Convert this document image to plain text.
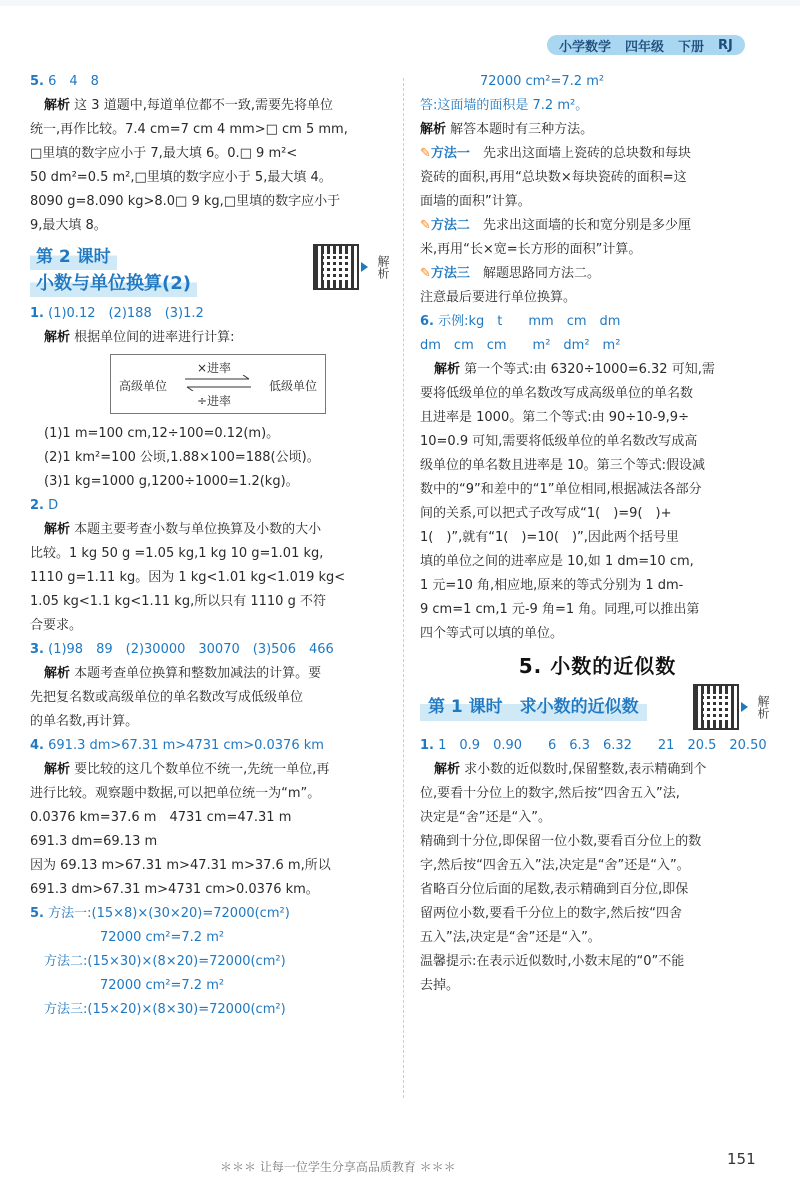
小学数学 四年级 下册 RJ

5. 6　4　8

解析 这 3 道题中,每道单位都不一致,需要先将单位

统一,再作比较。7.4 cm=7 cm 4 mm>□ cm 5 mm,

□里填的数字应小于 7,最大填 6。0.□ 9 m²<

50 dm²=0.5 m²,□里填的数字应小于 5,最大填 4。

8090 g=8.090 kg>8.0□ 9 kg,□里填的数字应小于

9,最大填 8。

第 2 课时
小数与单位换算(2)
解析

1. (1)0.12　(2)188　(3)1.2

解析 根据单位间的进率进行计算:

高级单位	低级单位
×进率
÷进率

(1)1 m=100 cm,12÷100=0.12(m)。

(2)1 km²=100 公顷,1.88×100=188(公顷)。

(3)1 kg=1000 g,1200÷1000=1.2(kg)。

2. D

解析 本题主要考查小数与单位换算及小数的大小

比较。1 kg 50 g =1.05 kg,1 kg 10 g=1.01 kg,

1110 g=1.11 kg。因为 1 kg<1.01 kg<1.019 kg<

1.05 kg<1.1 kg<1.11 kg,所以只有 1110 g 不符

合要求。

3. (1)98　89　(2)30000　30070　(3)506　466

解析 本题考查单位换算和整数加减法的计算。要

先把复名数或高级单位的单名数改写成低级单位

的单名数,再计算。

4. 691.3 dm>67.31 m>4731 cm>0.0376 km

解析 要比较的这几个数单位不统一,先统一单位,再

进行比较。观察题中数据,可以把单位统一为“m”。

0.0376 km=37.6 m　4731 cm=47.31 m

691.3 dm=69.13 m

因为 69.13 m>67.31 m>47.31 m>37.6 m,所以

691.3 dm>67.31 m>4731 cm>0.0376 km。

5. 方法一:(15×8)×(30×20)=72000(cm²)

72000 cm²=7.2 m²

方法二:(15×30)×(8×20)=72000(cm²)

72000 cm²=7.2 m²

方法三:(15×20)×(8×30)=72000(cm²)

72000 cm²=7.2 m²

答:这面墙的面积是 7.2 m²。

解析 解答本题时有三种方法。

✎方法一　 先求出这面墙上瓷砖的总块数和每块

瓷砖的面积,再用“总块数×每块瓷砖的面积=这

面墙的面积”计算。

✎方法二　 先求出这面墙的长和宽分别是多少厘

米,再用“长×宽=长方形的面积”计算。

✎方法三　 解题思路同方法二。

注意最后要进行单位换算。

6. 示例:kg　t　　mm　cm　dm

dm　cm　cm　　m²　dm²　m²

解析 第一个等式:由 6320÷1000=6.32 可知,需

要将低级单位的单名数改写成高级单位的单名数

且进率是 1000。第二个等式:由 90÷10-9,9÷

10=0.9 可知,需要将低级单位的单名数改写成高

级单位的单名数且进率是 10。第三个等式:假设减

数中的“9”和差中的“1”单位相同,根据减法各部分

间的关系,可以把式子改写成“1(　)=9(　)+

1(　)”,就有“1(　)=10(　)”,因此两个括号里

填的单位之间的进率应是 10,如 1 dm=10 cm,

1 元=10 角,相应地,原来的等式分别为 1 dm-

9 cm=1 cm,1 元-9 角=1 角。同理,可以推出第

四个等式可以填的单位。

5. 小数的近似数
第 1 课时　求小数的近似数	解析

1. 1　0.9　0.90　　6　6.3　6.32　　21　20.5　20.50

解析 求小数的近似数时,保留整数,表示精确到个

位,要看十分位上的数字,然后按“四舍五入”法,

决定是“舍”还是“入”。

精确到十分位,即保留一位小数,要看百分位上的数

字,然后按“四舍五入”法,决定是“舍”还是“入”。

省略百分位后面的尾数,表示精确到百分位,即保

留两位小数,要看千分位上的数字,然后按“四舍

五入”法,决定是“舍”还是“入”。

温馨提示:在表示近似数时,小数末尾的“0”不能

去掉。

＊＊＊ 让每一位学生分享高品质教育 ＊＊＊	151
